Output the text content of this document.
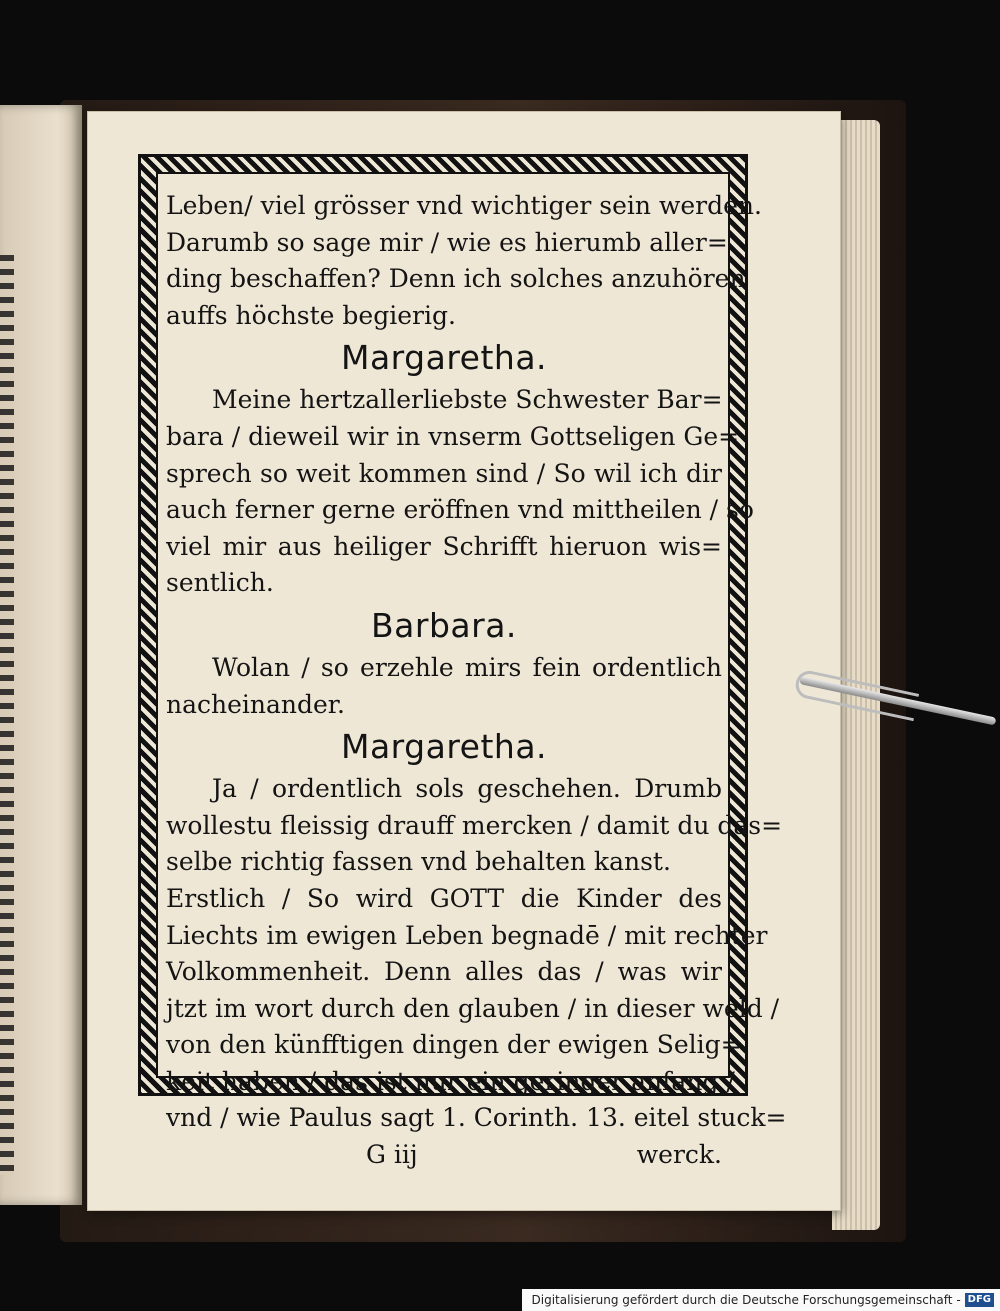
Leben/ viel grösser vnd wichtiger sein werden.
Darumb so sage mir / wie es hierumb aller=
ding beschaffen? Denn ich solches anzuhören
auffs höchste begierig.
Margaretha.
Meine hertzallerliebste Schwester Bar=
bara / dieweil wir in vnserm Gottseligen Ge=
sprech so weit kommen sind / So wil ich dir
auch ferner gerne eröffnen vnd mittheilen / so
viel mir aus heiliger Schrifft hieruon wis=
sentlich.
Barbara.
Wolan / so erzehle mirs fein ordentlich
nacheinander.
Margaretha.
Ja / ordentlich sols geschehen. Drumb
wollestu fleissig drauff mercken / damit du das=
selbe richtig fassen vnd behalten kanst.
Erstlich / So wird GOTT die Kinder des
Liechts im ewigen Leben begnadē / mit rechter
Volkommenheit. Denn alles das / was wir
jtzt im wort durch den glauben / in dieser weld /
von den künfftigen dingen der ewigen Selig=
keit haben / das ist nur ein geringer anfang /
vnd / wie Paulus sagt 1. Corinth. 13. eitel stuck=
G iij	werck.
Digitalisierung gefördert durch die Deutsche Forschungsgemeinschaft - DFG
